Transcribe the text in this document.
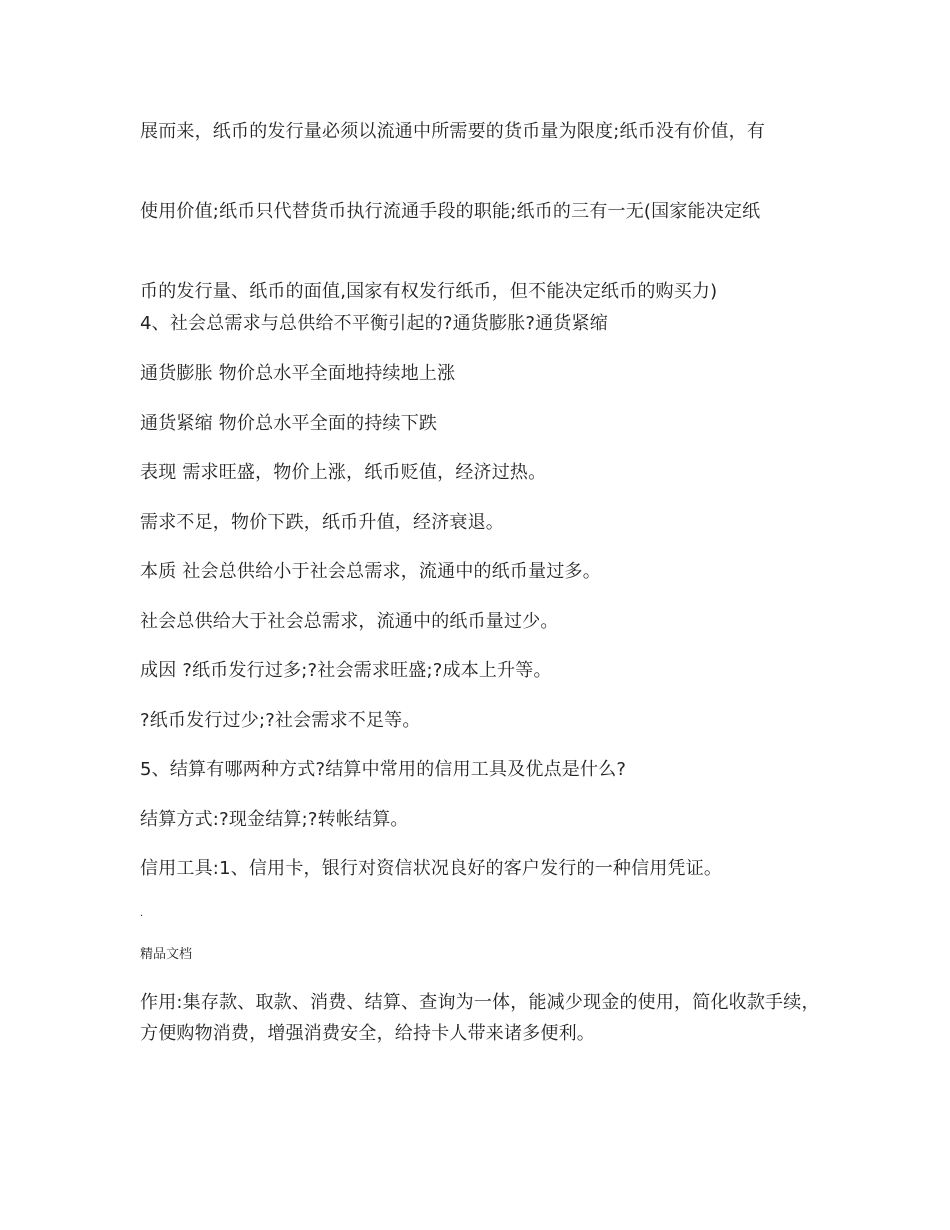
展而来，纸币的发行量必须以流通中所需要的货币量为限度;纸币没有价值，有
使用价值;纸币只代替货币执行流通手段的职能;纸币的三有一无(国家能决定纸
币的发行量、纸币的面值,国家有权发行纸币，但不能决定纸币的购买力)
4、社会总需求与总供给不平衡引起的?通货膨胀?通货紧缩
通货膨胀 物价总水平全面地持续地上涨
通货紧缩 物价总水平全面的持续下跌
表现 需求旺盛，物价上涨，纸币贬值，经济过热。
需求不足，物价下跌，纸币升值，经济衰退。
本质 社会总供给小于社会总需求，流通中的纸币量过多。
社会总供给大于社会总需求，流通中的纸币量过少。
成因 ?纸币发行过多;?社会需求旺盛;?成本上升等。
?纸币发行过少;?社会需求不足等。
5、结算有哪两种方式?结算中常用的信用工具及优点是什么?
结算方式:?现金结算;?转帐结算。
信用工具:1、信用卡，银行对资信状况良好的客户发行的一种信用凭证。
.
精品文档
作用:集存款、取款、消费、结算、查询为一体，能减少现金的使用，简化收款手续，方便购物消费，增强消费安全，给持卡人带来诸多便利。
